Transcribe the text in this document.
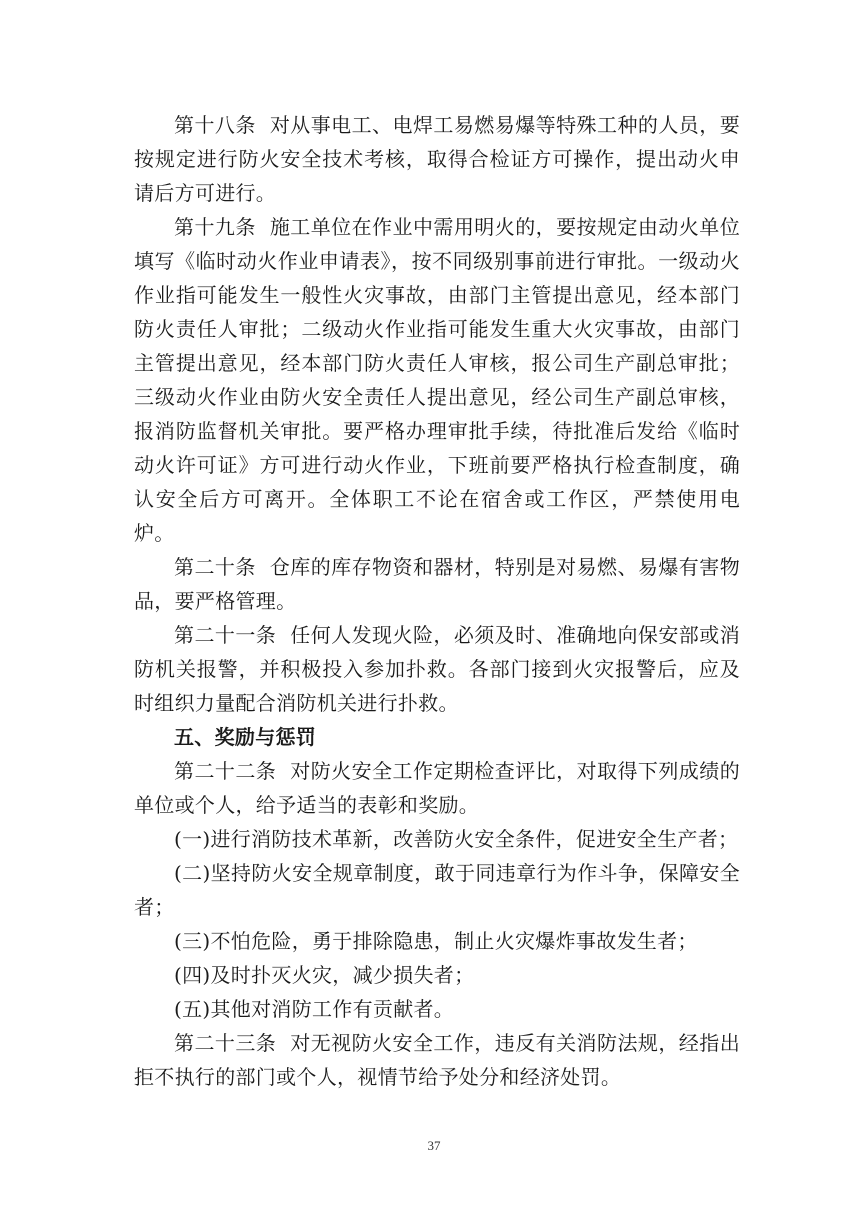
第十八条 对从事电工、电焊工易燃易爆等特殊工种的人员，要按规定进行防火安全技术考核，取得合检证方可操作，提出动火申请后方可进行。

第十九条 施工单位在作业中需用明火的，要按规定由动火单位填写《临时动火作业申请表》，按不同级别事前进行审批。一级动火作业指可能发生一般性火灾事故，由部门主管提出意见，经本部门防火责任人审批；二级动火作业指可能发生重大火灾事故，由部门主管提出意见，经本部门防火责任人审核，报公司生产副总审批；三级动火作业由防火安全责任人提出意见，经公司生产副总审核，报消防监督机关审批。要严格办理审批手续，待批准后发给《临时动火许可证》方可进行动火作业，下班前要严格执行检查制度，确认安全后方可离开。全体职工不论在宿舍或工作区，严禁使用电炉。

第二十条 仓库的库存物资和器材，特别是对易燃、易爆有害物品，要严格管理。

第二十一条 任何人发现火险，必须及时、准确地向保安部或消防机关报警，并积极投入参加扑救。各部门接到火灾报警后，应及时组织力量配合消防机关进行扑救。

五、奖励与惩罚

第二十二条 对防火安全工作定期检查评比，对取得下列成绩的单位或个人，给予适当的表彰和奖励。

(一)进行消防技术革新，改善防火安全条件，促进安全生产者；

(二)坚持防火安全规章制度，敢于同违章行为作斗争，保障安全者；

(三)不怕危险，勇于排除隐患，制止火灾爆炸事故发生者；

(四)及时扑灭火灾，减少损失者；

(五)其他对消防工作有贡献者。

第二十三条 对无视防火安全工作，违反有关消防法规，经指出拒不执行的部门或个人，视情节给予处分和经济处罚。

37
